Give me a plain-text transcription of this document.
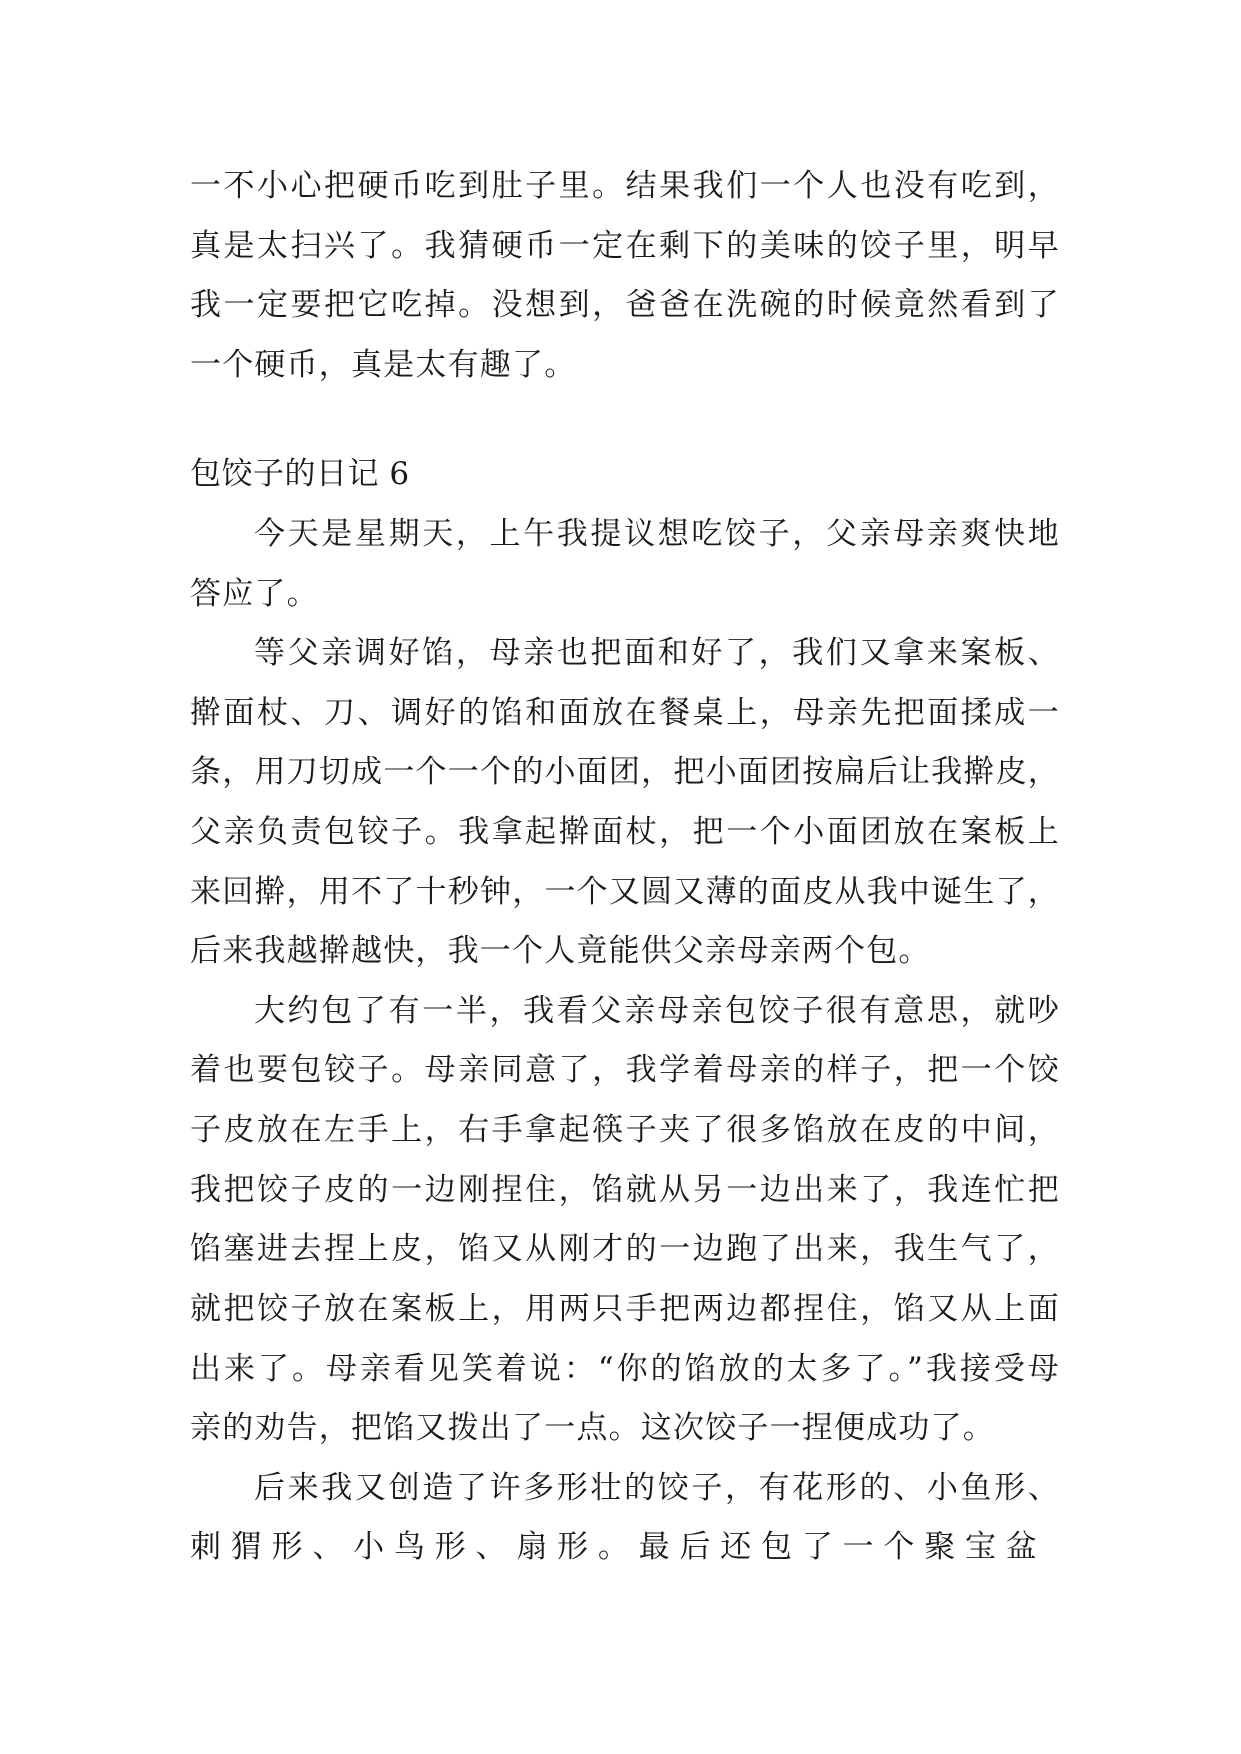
一不小心把硬币吃到肚子里。结果我们一个人也没有吃到，
真是太扫兴了。我猜硬币一定在剩下的美味的饺子里，明早
我一定要把它吃掉。没想到，爸爸在洗碗的时候竟然看到了
一个硬币，真是太有趣了。
包饺子的日记 6
今天是星期天，上午我提议想吃饺子，父亲母亲爽快地
答应了。
等父亲调好馅，母亲也把面和好了，我们又拿来案板、
擀面杖、刀、调好的馅和面放在餐桌上，母亲先把面揉成一
条，用刀切成一个一个的小面团，把小面团按扁后让我擀皮，
父亲负责包铰子。我拿起擀面杖，把一个小面团放在案板上
来回擀，用不了十秒钟，一个又圆又薄的面皮从我中诞生了，
后来我越擀越快，我一个人竟能供父亲母亲两个包。
大约包了有一半，我看父亲母亲包饺子很有意思，就吵
着也要包铰子。母亲同意了，我学着母亲的样子，把一个饺
子皮放在左手上，右手拿起筷子夹了很多馅放在皮的中间，
我把饺子皮的一边刚捏住，馅就从另一边出来了，我连忙把
馅塞进去捏上皮，馅又从刚才的一边跑了出来，我生气了，
就把饺子放在案板上，用两只手把两边都捏住，馅又从上面
出来了。母亲看见笑着说：“你的馅放的太多了。”我接受母
亲的劝告，把馅又拨出了一点。这次饺子一捏便成功了。
后来我又创造了许多形壮的饺子，有花形的、小鱼形、
刺猬形、小鸟形、扇形。最后还包了一个聚宝盆
